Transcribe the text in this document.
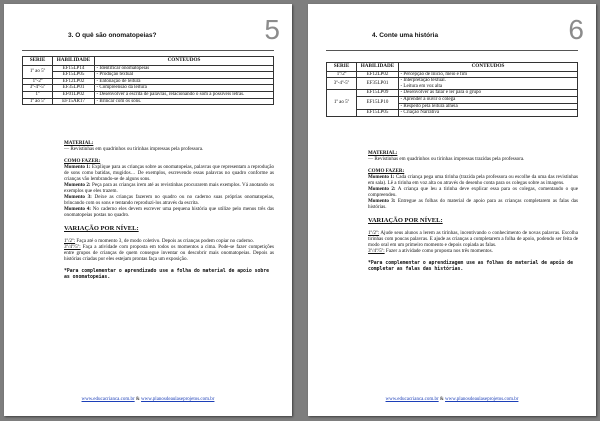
5
3. O quê são onomatopeias?
SERIE	HABILIDADE	CONTEUDOS
1º ao 5º	EF15LP14	- Identificar onomatopeias
	EF15LP05	- Produção textual
1º-2º	EF12LP02	- Entonação de leitura
3º-4º-5º	EF35LP01	- Compreensão da leitura
1º	EF01LP02	- Desenvolver a escrita de palavras, relacionando o som a possíveis letras.
1º ao 5º	EF15AR17	- Brincar com os sons.
MATERIAL:

— Revistinhas em quadrinhos ou tirinhas impressas pela professora.

COMO FAZER:

Momento 1: Explique para as crianças sobre as onomatopeias, palavras que representam a reprodução de sons como batidas, mugidos… De exemplos, escrevendo essas palavras no quadro conforme as crianças vão lembrando-se de alguns sons.

Momento 2: Peça para as crianças irem até as revistinhas procurarem mais exemplos. Vá anotando os exemplos que eles trazem.

Momento 3: Deixe as crianças fazerem no quadro ou no caderno suas próprias onomatopeias, brincando com os sons e tentando reproduzi-los através da escrita.

Momento 4: No caderno eles devem escrever uma pequena história que utilize pelo menos três das onomatopeias postas no quadro.

VARIAÇÃO POR NÍVEL:

1º/2º: Faça até o momento 3, de modo coletivo. Depois as crianças podem copiar no caderno.

3º/4º/5º: Faça a atividade com proposta em todos os momentos a cima. Pode-se fazer competições entre grupos de crianças de quem consegue inventar ou descobrir mais onomatopeias. Depois as histórias criadas por eles estejam prontas faça um exposição.

*Para complementar o aprendizado use a folha do material de apoio sobre as onomatopeias.
www.educacrianca.com.br & www.planosdeaulaseprojetos.com.br
6
4. Conte uma história
SERIE	HABILIDADE	CONTEUDOS
1º/2º	EF12LP02	- Percepção de Início, meio e fim
3º-4º-5º	EF35LP01	- Interpretação textual.
- Leitura em voz alta

1º ao 5º	EF15LP09	- Desenvolver as falar e ler para o grupo
	EF15LP10	- Aprender a ouvir o colega
		- Respeito pela leitura alheia
	EF15LP05	- Criação Narrativa
MATERIAL:

— Revistinhas em quadrinhos ou tirinhas impressas trazidas pela professora.

COMO FAZER:

Momento 1: Cada criança pega uma tirinha (trazida pela professora ou escolhe da uma das revistinhas em sala). Lê a tirinha em voz alta ou através do desenho conta para os colegas sobre as imagens.

Momento 2: A criança que leu a tirinha deve explicar essa para os colegas, comentando o que compreendeu.

Momento 3: Entregue as folhas do material de apoio para as crianças completarem as falas das histórias.

VARIAÇÃO POR NÍVEL:

1º/2º: Ajude seus alunos a lerem as tirinhas, incentivando o conhecimento de novas palavras. Escolha tirinhas com poucas palavras. E ajude as crianças a completarem a folha de apoio, podendo ser feita de modo oral em um primeiro momento e depois copiada as falas.

3º/4º/5º: Fazer a atividade como proposta nos três momentos.

*Para complementar o aprendizagem use as folhas do material de apoio de completar as falas das histórias.
www.educacrianca.com.br & www.planosdeaulaseprojetos.com.br
